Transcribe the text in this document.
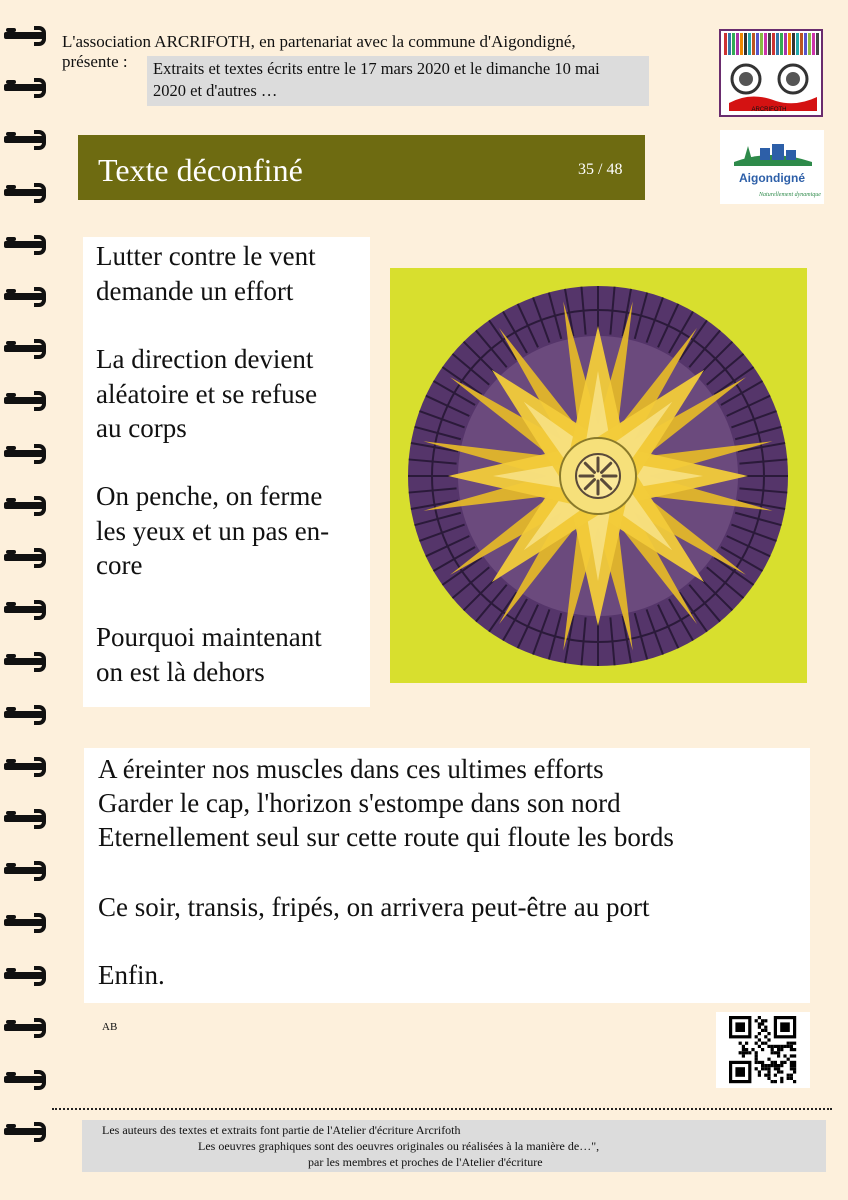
L'association ARCRIFOTH, en partenariat avec la commune d'Aigondigné,
présente : Extraits et textes écrits entre le 17 mars 2020 et le dimanche 10 mai
2020 et d'autres …
ARCRIFOTH
Aigondigné
Naturellement dynamique
Texte déconfiné	35 / 48
Lutter contre le vent
demande un effort
La direction devient
aléatoire et se refuse
au corps
On penche, on ferme
les yeux et un pas en-
core
Pourquoi maintenant
on est là dehors
A éreinter nos muscles dans ces ultimes efforts
Garder le cap, l'horizon s'estompe dans son nord
Eternellement seul sur cette route qui floute les bords
Ce soir, transis, fripés, on arrivera peut-être au port
Enfin.
AB
Les auteurs des textes et extraits font partie de l'Atelier d'écriture Arcrifoth
Les oeuvres graphiques sont des oeuvres originales ou réalisées à la manière de…",
par les membres et proches de l'Atelier d'écriture
